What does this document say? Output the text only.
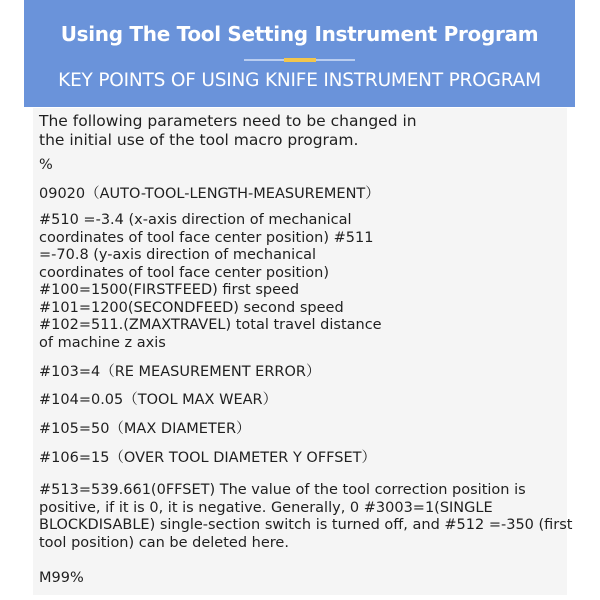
Using The Tool Setting Instrument Program
KEY POINTS OF USING KNIFE INSTRUMENT PROGRAM

The following parameters need to be changed in
the initial use of the tool macro program.

%

09020（AUTO-TOOL-LENGTH-MEASUREMENT）

#510 =-3.4 (x-axis direction of mechanical
coordinates of tool face center position) #511
=-70.8 (y-axis direction of mechanical
coordinates of tool face center position)
#100=1500(FIRSTFEED) first speed
#101=1200(SECONDFEED) second speed
#102=511.(ZMAXTRAVEL) total travel distance
of machine z axis

#103=4（RE MEASUREMENT ERROR）

#104=0.05（TOOL MAX WEAR）

#105=50（MAX DIAMETER）

#106=15（OVER TOOL DIAMETER Y OFFSET）

#513=539.661(0FFSET) The value of the tool correction position is
positive, if it is 0, it is negative. Generally, 0 #3003=1(SINGLE
BLOCKDISABLE) single-section switch is turned off, and #512 =-350 (first
tool position) can be deleted here.

M99%
